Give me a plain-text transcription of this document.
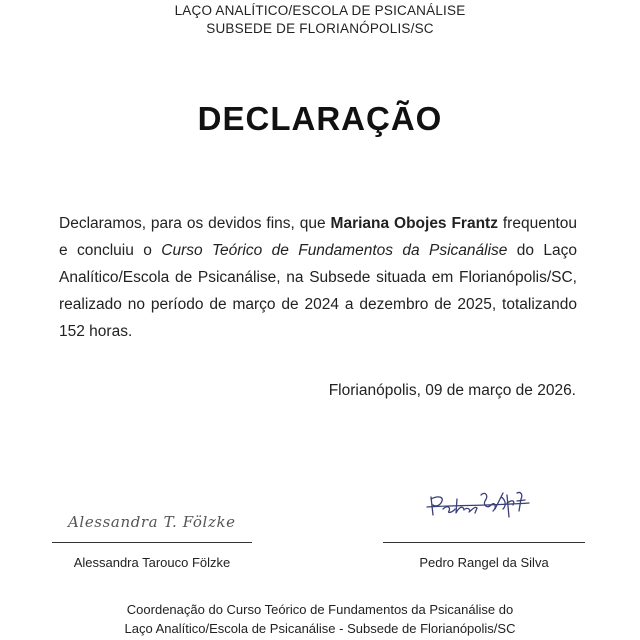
LAÇO ANALÍTICO/ESCOLA DE PSICANÁLISE
SUBSEDE DE FLORIANÓPOLIS/SC
DECLARAÇÃO
Declaramos, para os devidos fins, que Mariana Obojes Frantz frequentou e concluiu o Curso Teórico de Fundamentos da Psicanálise do Laço Analítico/Escola de Psicanálise, na Subsede situada em Florianópolis/SC, realizado no período de março de 2024 a dezembro de 2025, totalizando 152 horas.
Florianópolis, 09 de março de 2026.
Alessandra T. Fölzke
Alessandra Tarouco Fölzke	Pedro Rangel da Silva
Coordenação do Curso Teórico de Fundamentos da Psicanálise do
Laço Analítico/Escola de Psicanálise - Subsede de Florianópolis/SC
